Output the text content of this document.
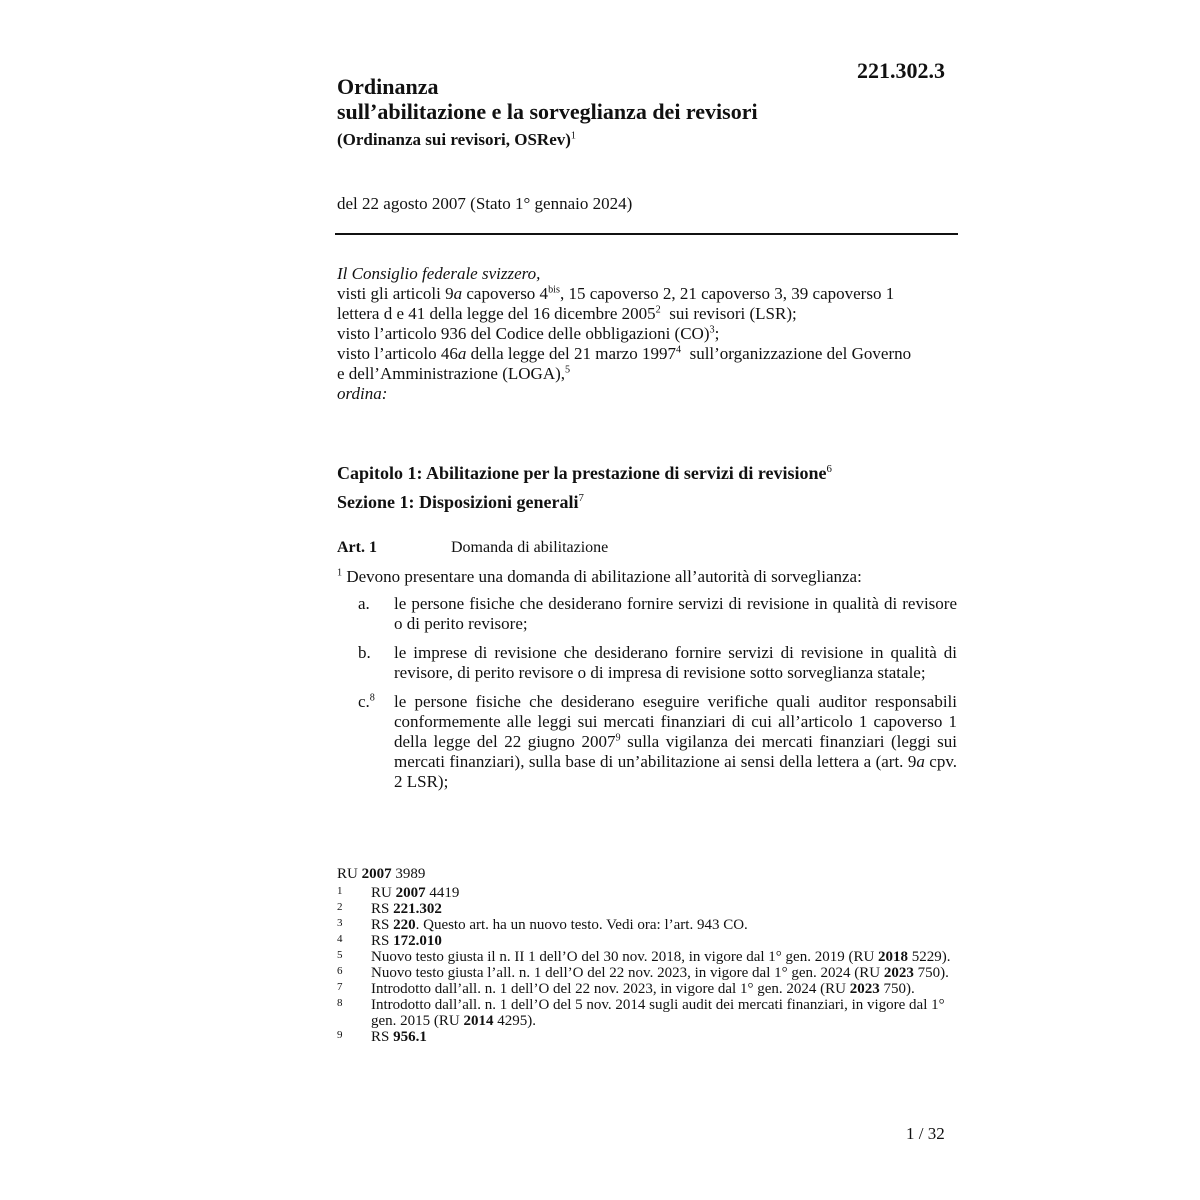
221.302.3
Ordinanza
sull’abilitazione e la sorveglianza dei revisori
(Ordinanza sui revisori, OSRev)$^1$
del 22 agosto 2007 (Stato 1° gennaio 2024)
Il Consiglio federale svizzero,
visti gli articoli 9a capoverso $4^{bis}$, 15 capoverso 2, 21 capoverso 3, 39 capoverso 1
lettera d e 41 della legge del 16 dicembre 2005$^2$  sui revisori (LSR);
visto l’articolo 936 del Codice delle obbligazioni (CO)$^3$;
visto l’articolo 46a della legge del 21 marzo 1997$^4$  sull’organizzazione del Governo
e dell’Amministrazione (LOGA),$^5$
ordina:
Capitolo 1: Abilitazione per la prestazione di servizi di revisione$^6$
Sezione 1: Disposizioni generali$^7$
Art. 1	Domanda di abilitazione
$^1$ Devono presentare una domanda di abilitazione all’autorità di sorveglianza:
a.	le persone fisiche che desiderano fornire servizi di revisione in qualità di revisore o di perito revisore;
b.	le imprese di revisione che desiderano fornire servizi di revisione in qualità di revisore, di perito revisore o di impresa di revisione sotto sorveglianza statale;
c.$^8$	le persone fisiche che desiderano eseguire verifiche quali auditor responsabili conformemente alle leggi sui mercati finanziari di cui all’articolo 1 capoverso 1 della legge del 22 giugno 2007$^9$ sulla vigilanza dei mercati finanziari (leggi sui mercati finanziari), sulla base di un’abilitazione ai sensi della lettera a (art. 9a cpv. 2 LSR);
RU 2007 3989
1	RU 2007 4419
2	RS 221.302
3	RS 220. Questo art. ha un nuovo testo. Vedi ora: l’art. 943 CO.
4	RS 172.010
5	Nuovo testo giusta il n. II 1 dell’O del 30 nov. 2018, in vigore dal 1° gen. 2019 (RU 2018 5229).
6	Nuovo testo giusta l’all. n. 1 dell’O del 22 nov. 2023, in vigore dal 1° gen. 2024 (RU 2023 750).
7	Introdotto dall’all. n. 1 dell’O del 22 nov. 2023, in vigore dal 1° gen. 2024 (RU 2023 750).
8	Introdotto dall’all. n. 1 dell’O del 5 nov. 2014 sugli audit dei mercati finanziari, in vigore dal 1° gen. 2015 (RU 2014 4295).
9	RS 956.1
1 / 32
